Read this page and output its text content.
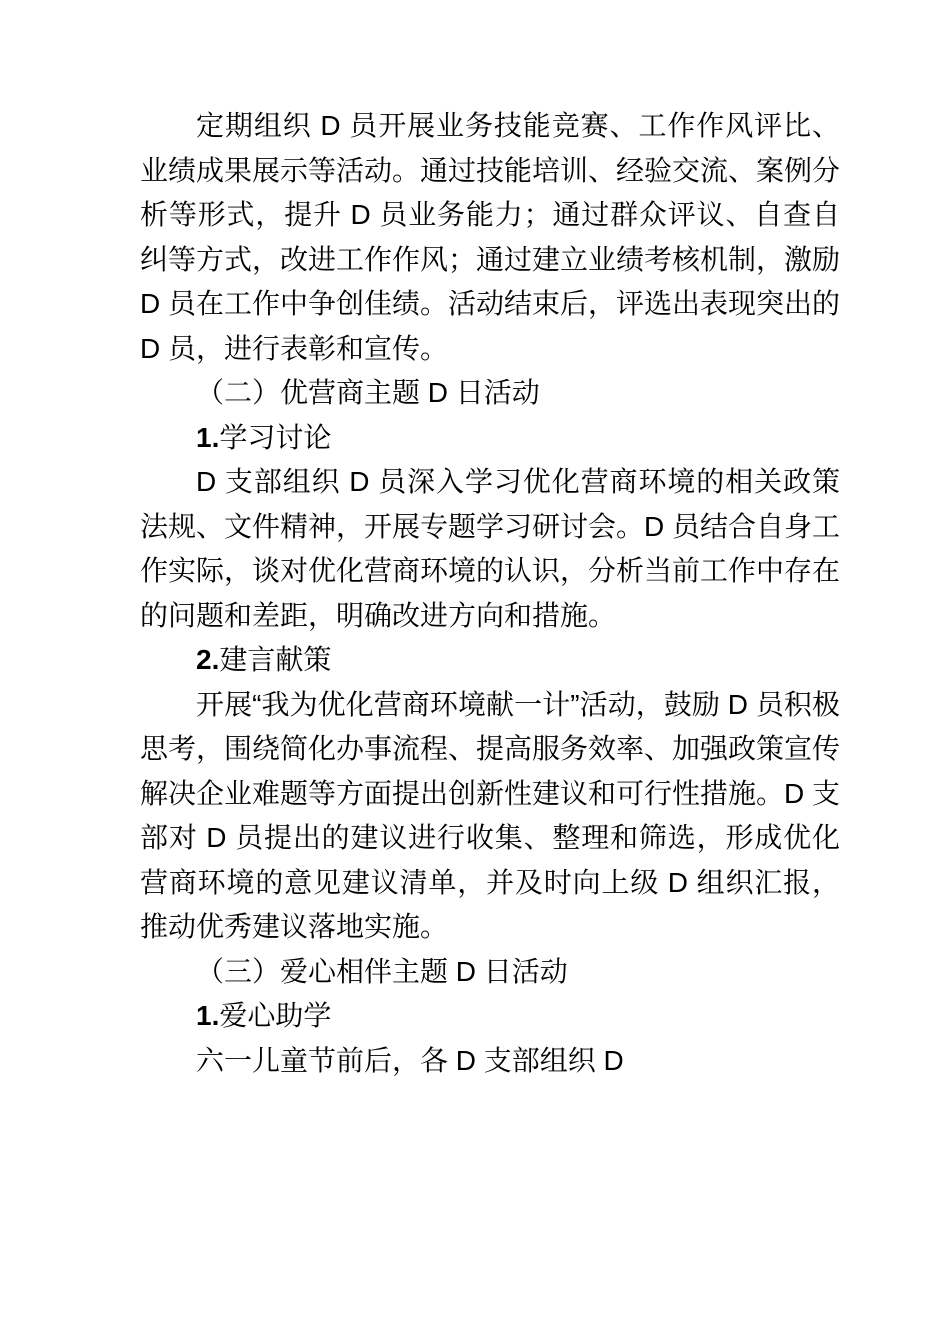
定期组织 D 员开展业务技能竞赛、工作作风评比、业绩成果展示等活动。通过技能培训、经验交流、案例分析等形式，提升 D 员业务能力；通过群众评议、自查自纠等方式，改进工作作风；通过建立业绩考核机制，激励 D 员在工作中争创佳绩。活动结束后，评选出表现突出的 D 员，进行表彰和宣传。

（二）优营商主题 D 日活动

1.学习讨论

D 支部组织 D 员深入学习优化营商环境的相关政策法规、文件精神，开展专题学习研讨会。D 员结合自身工作实际，谈对优化营商环境的认识，分析当前工作中存在的问题和差距，明确改进方向和措施。

2.建言献策

开展“我为优化营商环境献一计”活动，鼓励 D 员积极思考，围绕简化办事流程、提高服务效率、加强政策宣传解决企业难题等方面提出创新性建议和可行性措施。D 支部对 D 员提出的建议进行收集、整理和筛选，形成优化营商环境的意见建议清单，并及时向上级 D 组织汇报，推动优秀建议落地实施。

（三）爱心相伴主题 D 日活动

1.爱心助学

六一儿童节前后，各 D 支部组织 D
